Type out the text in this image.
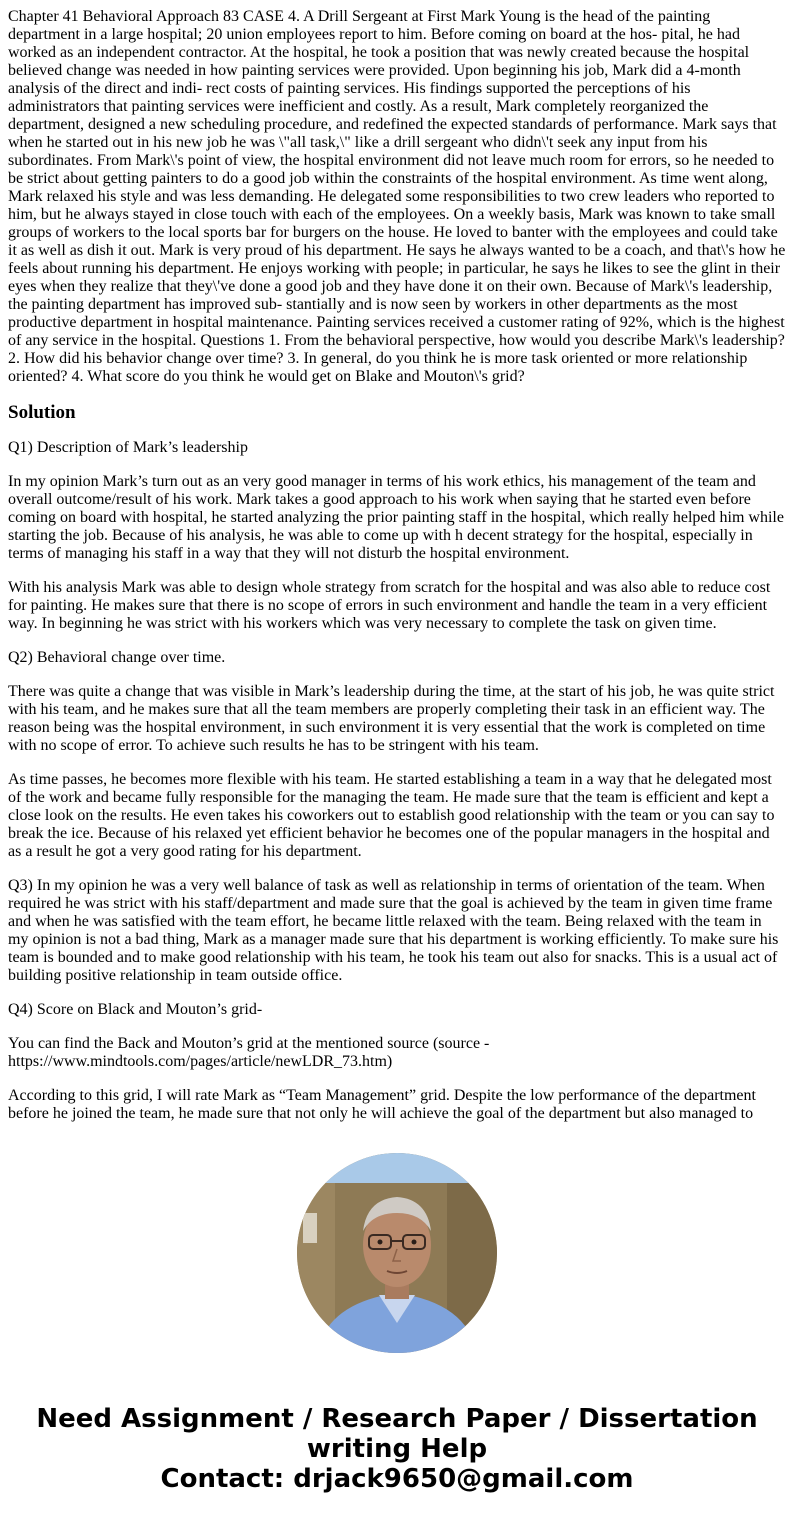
Chapter 41 Behavioral Approach 83 CASE 4. A Drill Sergeant at First Mark Young is the head of the painting department in a large hospital; 20 union employees report to him. Before coming on board at the hos- pital, he had worked as an independent contractor. At the hospital, he took a position that was newly created because the hospital believed change was needed in how painting services were provided. Upon beginning his job, Mark did a 4-month analysis of the direct and indi- rect costs of painting services. His findings supported the perceptions of his administrators that painting services were inefficient and costly. As a result, Mark completely reorganized the department, designed a new scheduling procedure, and redefined the expected standards of performance. Mark says that when he started out in his new job he was \"all task,\" like a drill sergeant who didn\'t seek any input from his subordinates. From Mark\'s point of view, the hospital environment did not leave much room for errors, so he needed to be strict about getting painters to do a good job within the constraints of the hospital environment. As time went along, Mark relaxed his style and was less demanding. He delegated some responsibilities to two crew leaders who reported to him, but he always stayed in close touch with each of the employees. On a weekly basis, Mark was known to take small groups of workers to the local sports bar for burgers on the house. He loved to banter with the employees and could take it as well as dish it out. Mark is very proud of his department. He says he always wanted to be a coach, and that\'s how he feels about running his department. He enjoys working with people; in particular, he says he likes to see the glint in their eyes when they realize that they\'ve done a good job and they have done it on their own. Because of Mark\'s leadership, the painting department has improved sub- stantially and is now seen by workers in other departments as the most productive department in hospital maintenance. Painting services received a customer rating of 92%, which is the highest of any service in the hospital. Questions 1. From the behavioral perspective, how would you describe Mark\'s leadership? 2. How did his behavior change over time? 3. In general, do you think he is more task oriented or more relationship oriented? 4. What score do you think he would get on Blake and Mouton\'s grid?
Solution

Q1) Description of Mark’s leadership

In my opinion Mark’s turn out as an very good manager in terms of his work ethics, his management of the team and overall outcome/result of his work. Mark takes a good approach to his work when saying that he started even before coming on board with hospital, he started analyzing the prior painting staff in the hospital, which really helped him while starting the job. Because of his analysis, he was able to come up with h decent strategy for the hospital, especially in terms of managing his staff in a way that they will not disturb the hospital environment.

With his analysis Mark was able to design whole strategy from scratch for the hospital and was also able to reduce cost for painting. He makes sure that there is no scope of errors in such environment and handle the team in a very efficient way. In beginning he was strict with his workers which was very necessary to complete the task on given time.

Q2) Behavioral change over time.

There was quite a change that was visible in Mark’s leadership during the time, at the start of his job, he was quite strict with his team, and he makes sure that all the team members are properly completing their task in an efficient way. The reason being was the hospital environment, in such environment it is very essential that the work is completed on time with no scope of error. To achieve such results he has to be stringent with his team.

As time passes, he becomes more flexible with his team. He started establishing a team in a way that he delegated most of the work and became fully responsible for the managing the team. He made sure that the team is efficient and kept a close look on the results. He even takes his coworkers out to establish good relationship with the team or you can say to break the ice. Because of his relaxed yet efficient behavior he becomes one of the popular managers in the hospital and as a result he got a very good rating for his department.

Q3) In my opinion he was a very well balance of task as well as relationship in terms of orientation of the team. When required he was strict with his staff/department and made sure that the goal is achieved by the team in given time frame and when he was satisfied with the team effort, he became little relaxed with the team. Being relaxed with the team in my opinion is not a bad thing, Mark as a manager made sure that his department is working efficiently. To make sure his team is bounded and to make good relationship with his team, he took his team out also for snacks. This is a usual act of building positive relationship in team outside office.

Q4) Score on Black and Mouton’s grid-

You can find the Back and Mouton’s grid at the mentioned source (source - https://www.mindtools.com/pages/article/newLDR_73.htm)

According to this grid, I will rate Mark as “Team Management” grid. Despite the low performance of the department before he joined the team, he made sure that not only he will achieve the goal of the department but also managed to

Need Assignment / Research Paper / Dissertation
writing Help
Contact: drjack9650@gmail.com
